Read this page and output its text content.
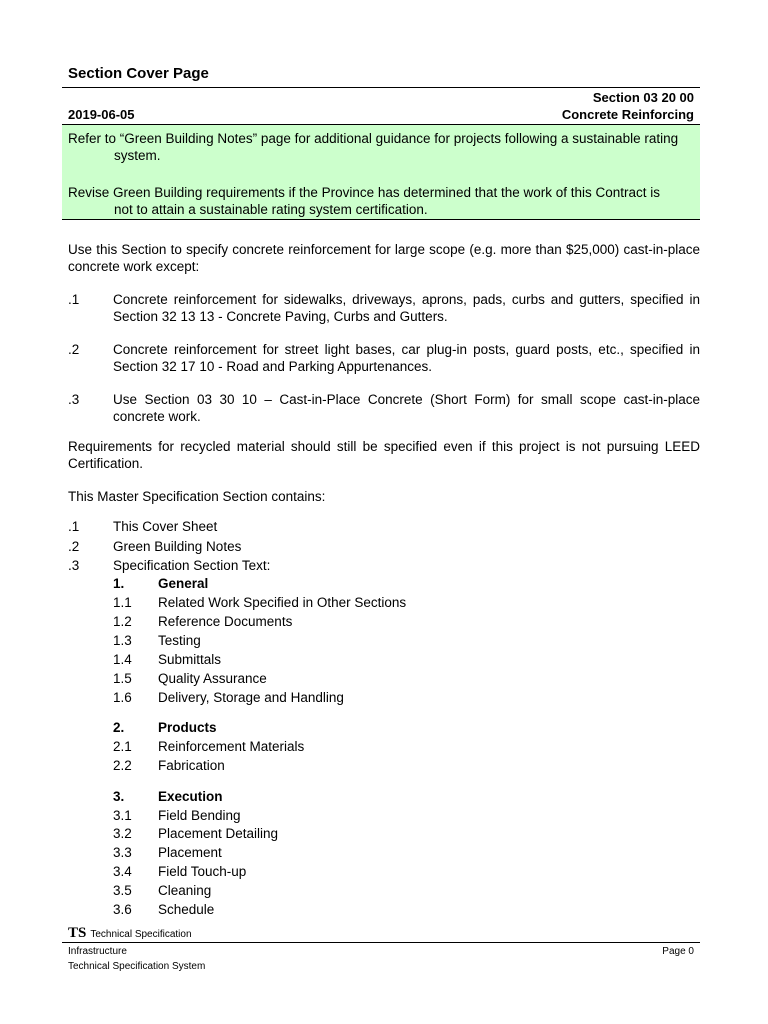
Section Cover Page
Section 03 20 00
2019-06-05	Concrete Reinforcing
Refer to “Green Building Notes” page for additional guidance for projects following a sustainable rating
system.
Revise Green Building requirements if the Province has determined that the work of this Contract is
not to attain a sustainable rating system certification.
Use this Section to specify concrete reinforcement for large scope (e.g. more than $25,000) cast-in-place concrete work except:
.1 Concrete reinforcement for sidewalks, driveways, aprons, pads, curbs and gutters, specified in Section 32 13 13 - Concrete Paving, Curbs and Gutters.
.2 Concrete reinforcement for street light bases, car plug-in posts, guard posts, etc., specified in Section 32 17 10 - Road and Parking Appurtenances.
.3 Use Section 03 30 10 – Cast-in-Place Concrete (Short Form) for small scope cast-in-place concrete work.
Requirements for recycled material should still be specified even if this project is not pursuing LEED Certification.
This Master Specification Section contains:
.1 This Cover Sheet
.2 Green Building Notes
.3 Specification Section Text:
1. General
1.1 Related Work Specified in Other Sections
1.2 Reference Documents
1.3 Testing
1.4 Submittals
1.5 Quality Assurance
1.6 Delivery, Storage and Handling
2. Products
2.1 Reinforcement Materials
2.2 Fabrication
3. Execution
3.1 Field Bending
3.2 Placement Detailing
3.3 Placement
3.4 Field Touch-up
3.5 Cleaning
3.6 Schedule
TS Technical Specification
Infrastructure
Technical Specification System
Page 0
